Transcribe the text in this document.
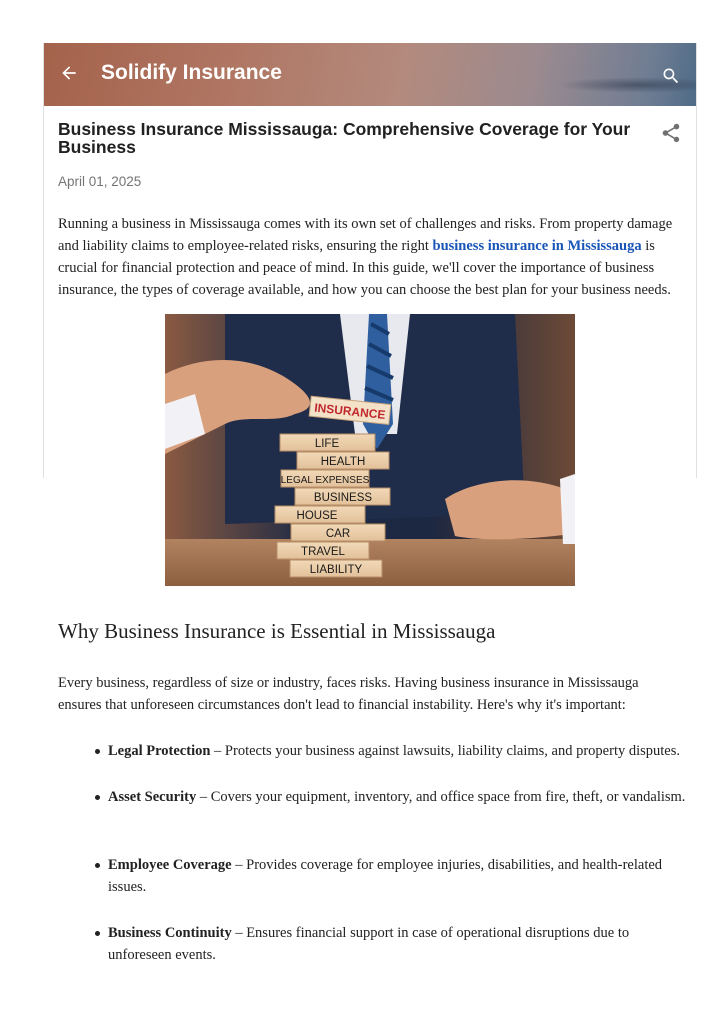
Solidify Insurance
Business Insurance Mississauga: Comprehensive Coverage for Your Business
April 01, 2025

Running a business in Mississauga comes with its own set of challenges and risks. From property damage and liability claims to employee-related risks, ensuring the right business insurance in Mississauga is crucial for financial protection and peace of mind. In this guide, we'll cover the importance of business insurance, the types of coverage available, and how you can choose the best plan for your business needs.

INSURANCE
LIFE
HEALTH
LEGAL EXPENSES
BUSINESS
HOUSE
CAR
TRAVEL
LIABILITY
Why Business Insurance is Essential in Mississauga

Every business, regardless of size or industry, faces risks. Having business insurance in Mississauga ensures that unforeseen circumstances don't lead to financial instability. Here's why it's important:

Legal Protection – Protects your business against lawsuits, liability claims, and property disputes.
Asset Security – Covers your equipment, inventory, and office space from fire, theft, or vandalism.
Employee Coverage – Provides coverage for employee injuries, disabilities, and health-related issues.
Business Continuity – Ensures financial support in case of operational disruptions due to unforeseen events.
